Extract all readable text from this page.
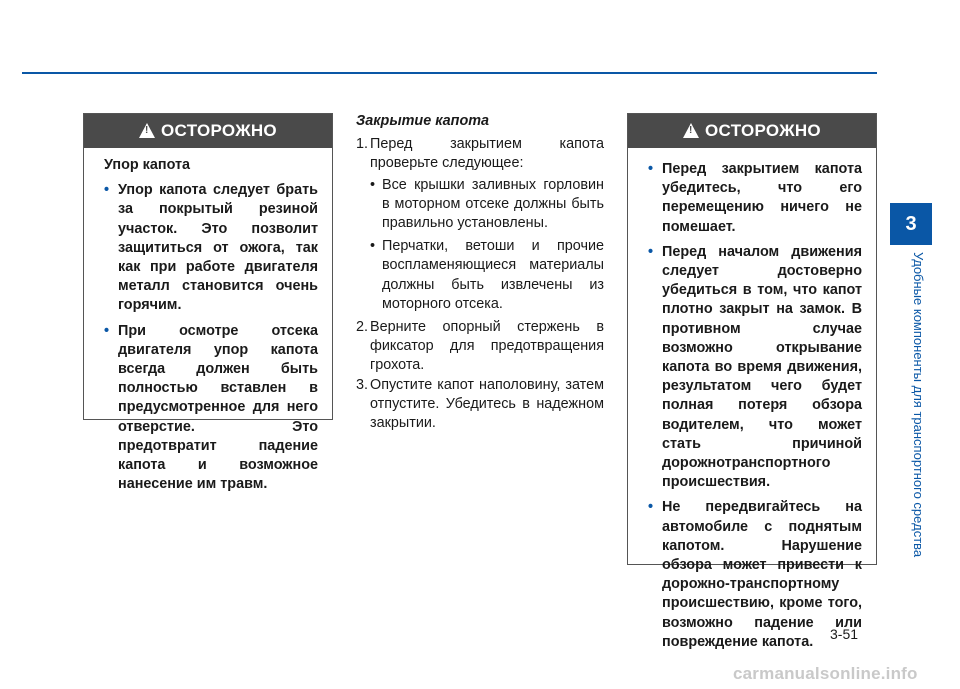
!
ОСТОРОЖНО
Упор капота
• Упор капота следует брать за покрытый резиной участок. Это позволит защититься от ожога, так как при работе двигателя металл становится очень горячим.
• При осмотре отсека двигателя упор капота всегда должен быть полностью вставлен в предусмотренное для него отверстие. Это предотвратит падение капота и возможное нанесение им травм.
Закрытие капота
1. Перед закрытием капота проверьте следующее:
• Все крышки заливных горловин в моторном отсеке должны быть правильно установлены.
• Перчатки, ветоши и прочие воспламеняющиеся материалы должны быть извлечены из моторного отсека.
2. Верните опорный стержень в фиксатор для предотвращения грохота.
3. Опустите капот наполовину, затем отпустите. Убедитесь в надежном закрытии.
!
ОСТОРОЖНО
• Перед закрытием капота убедитесь, что его перемещению ничего не помешает.
• Перед началом движения следует достоверно убедиться в том, что капот плотно закрыт на замок. В противном случае возможно открывание капота во время движения, результатом чего будет полная потеря обзора водителем, что может стать причиной дорожнотранспортного происшествия.
• Не передвигайтесь на автомобиле с поднятым капотом. Нарушение обзора может привести к дорожно-транспортному происшествию, кроме того, возможно падение или повреждение капота.
3
Удобные компоненты для транспортного средства
3-51
carmanualsonline.info
